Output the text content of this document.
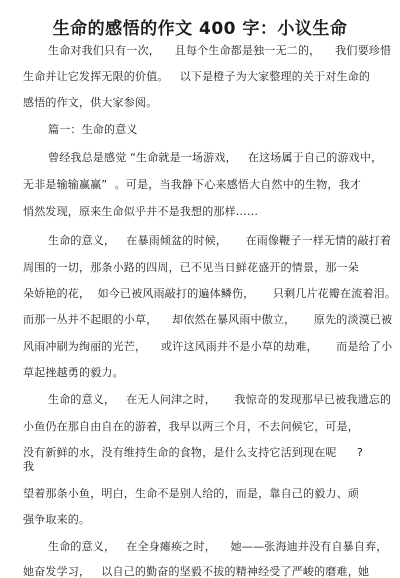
生命的感悟的作文 400 字：小议生命
生命对我们只有一次，    且每个生命都是独一无二的，    我们要珍惜
生命并让它发挥无限的价值。   以下是橙子为大家整理的关于对生命的
感悟的作文，供大家参阅。
篇一：生命的意义
曾经我总是感觉 “生命就是一场游戏，   在这场属于自己的游戏中，
无非是输输赢赢”  。可是，当我静下心来感悟大自然中的生物，我才
悄然发现，原来生命似乎并不是我想的那样……
生命的意义，   在暴雨倾盆的时候，     在雨像鞭子一样无情的敲打着
周围的一切，那条小路的四周，已不见当日鲜花盛开的情景，那一朵
朵娇艳的花，  如今已被风雨敲打的遍体鳞伤，     只剩几片花瓣在流着泪。
而那一丛并不起眼的小草，    却依然在暴风雨中傲立，     原先的淡漠已被
风雨冲刷为绚丽的光芒，    或许这风雨并不是小草的劫难，     而是给了小
草起挫越勇的毅力。
生命的意义，   在无人问津之时，     我惊奇的发现那早已被我遗忘的
小鱼仍在那自由自在的游着，我早以两三个月，不去问候它，可是，
没有新鲜的水，没有维持生命的食物，是什么支持它活到现在呢 ?
我
望着那条小鱼，明白，生命不是别人给的，而是，靠自己的毅力、顽
强争取来的。
生命的意义，   在全身瘫痪之时，    她——张海迪并没有自暴自弃，
她奋发学习，   以自己的勤奋的坚毅不拔的精神经受了严峻的磨难， 她
